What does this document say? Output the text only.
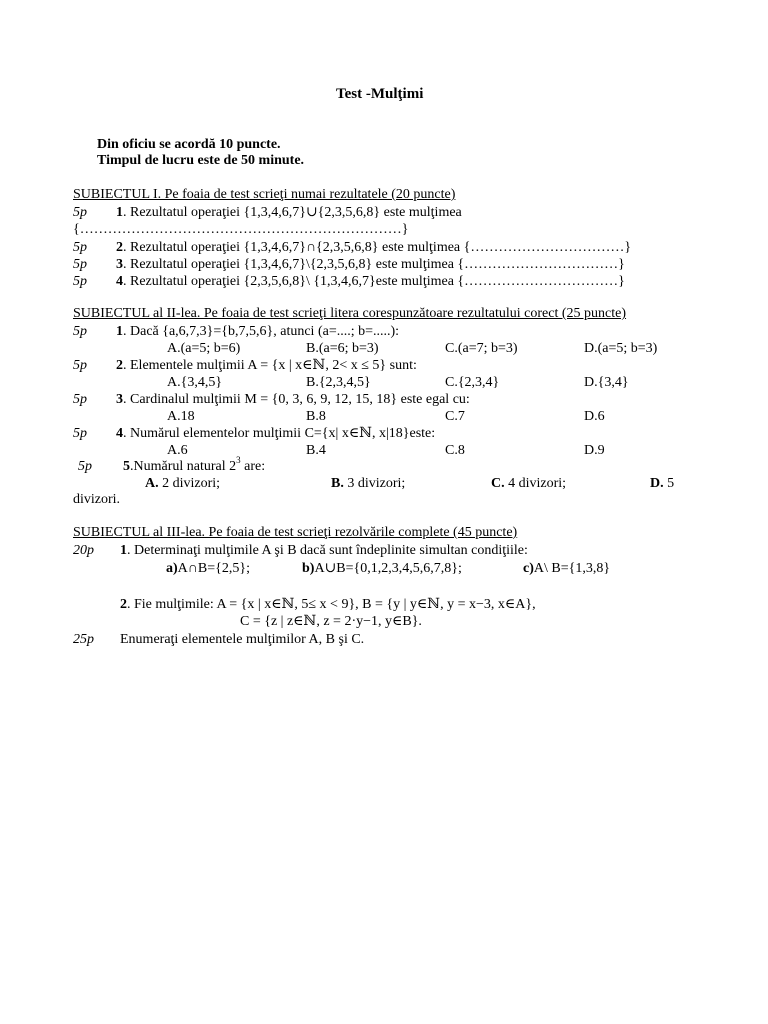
Test -Mulţimi
Din oficiu se acordă 10 puncte.
Timpul de lucru este de 50 minute.
SUBIECTUL I. Pe foaia de test scrieţi numai rezultatele (20 puncte)
5p 1. Rezultatul operaţiei {1,3,4,6,7}∪{2,3,5,6,8} este mulţimea
{……………………………………………………………}
5p 2. Rezultatul operaţiei {1,3,4,6,7}∩{2,3,5,6,8} este mulţimea {……………………………}
5p 3. Rezultatul operaţiei {1,3,4,6,7}\{2,3,5,6,8} este mulţimea {……………………………}
5p 4. Rezultatul operaţiei {2,3,5,6,8}\ {1,3,4,6,7}este mulţimea {……………………………}
SUBIECTUL al II-lea. Pe foaia de test scrieţi litera corespunzătoare rezultatului corect (25 puncte)
5p 1. Dacă {a,6,7,3}={b,7,5,6}, atunci (a=....; b=.....):
A.(a=5; b=6)	B.(a=6; b=3)	C.(a=7; b=3)	D.(a=5; b=3)
5p 2. Elementele mulţimii A = {x | x∈ℕ, 2< x ≤ 5} sunt:
A.{3,4,5}	B.{2,3,4,5}	C.{2,3,4}	D.{3,4}
5p 3. Cardinalul mulţimii M = {0, 3, 6, 9, 12, 15, 18} este egal cu:
A.18	B.8	C.7	D.6
5p 4. Numărul elementelor mulţimii C={x| x∈ℕ, x|18}este:
A.6	B.4	C.8	D.9
5p 5.Numărul natural $2^3$ are:
A. 2 divizori;	B. 3 divizori;	C. 4 divizori;	D. 5
divizori.
SUBIECTUL al III-lea. Pe foaia de test scrieţi rezolvările complete (45 puncte)
20p 1. Determinaţi mulţimile A şi B dacă sunt îndeplinite simultan condiţiile:
a)A∩B={2,5};	b)A∪B={0,1,2,3,4,5,6,7,8};	c)A\ B={1,3,8}
2. Fie mulţimile: A = {x | x∈ℕ, 5≤ x < 9}, B = {y | y∈ℕ, y = x−3, x∈A},
C = {z | z∈ℕ, z = 2·y−1, y∈B}.
25p Enumeraţi elementele mulţimilor A, B şi C.
